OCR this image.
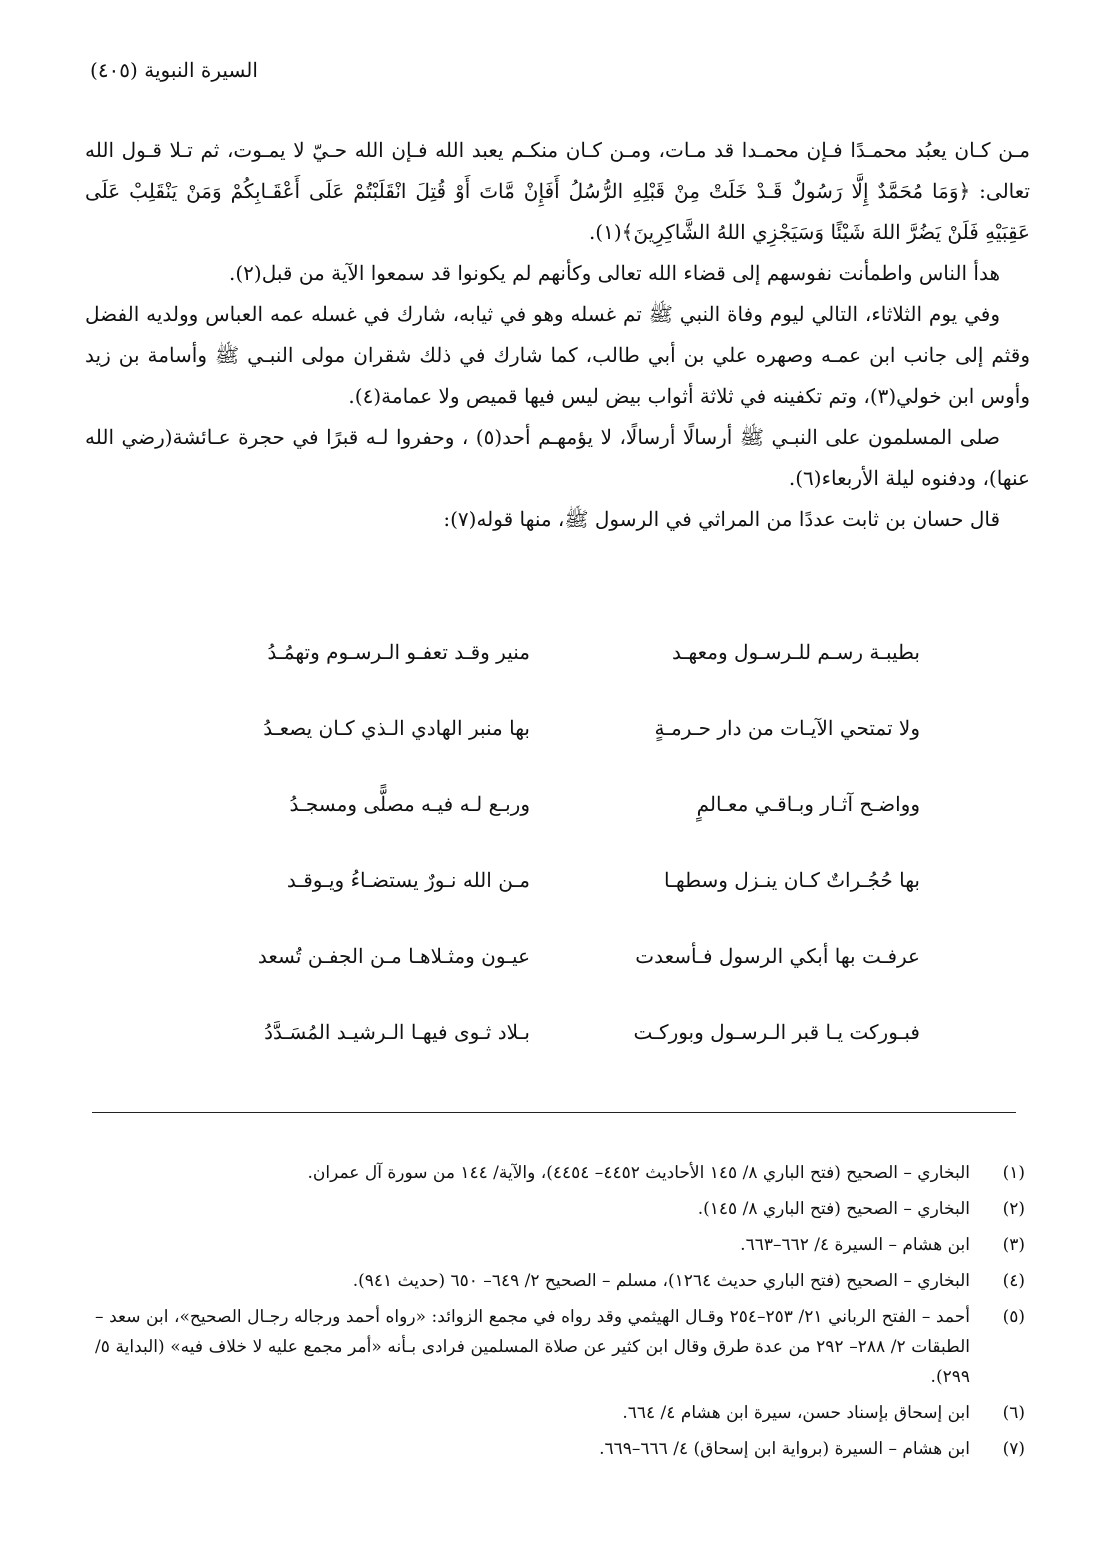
السيرة النبوية (٤٠٥)

مـن كـان يعبُد محمـدًا فـإن محمـدا قد مـات، ومـن كـان منكـم يعبد الله فـإن الله حـيّ لا يمـوت، ثم تـلا قـول الله تعالى: ﴿وَمَا مُحَمَّدٌ إِلَّا رَسُولٌ قَـدْ خَلَتْ مِنْ قَبْلِهِ الرُّسُلُ أَفَإِنْ مَّاتَ أَوْ قُتِلَ انْقَلَبْتُمْ عَلَى أَعْقَـابِكُمْ وَمَنْ يَنْقَلِبْ عَلَى عَقِبَيْهِ فَلَنْ يَضُرَّ اللهَ شَيْئًا وَسَيَجْزِي اللهُ الشَّاكِرِينَ﴾(١).

هدأ الناس واطمأنت نفوسهم إلى قضاء الله تعالى وكأنهم لم يكونوا قد سمعوا الآية من قبل(٢).

وفي يوم الثلاثاء، التالي ليوم وفاة النبي ﷺ تم غسله وهو في ثيابه، شارك في غسله عمه العباس وولديه الفضل وقثم إلى جانب ابن عمـه وصهره علي بن أبي طالب، كما شارك في ذلك شقران مولى النبـي ﷺ وأسامة بن زيد وأوس ابن خولي(٣)، وتم تكفينه في ثلاثة أثواب بيض ليس فيها قميص ولا عمامة(٤).

صلى المسلمون على النبـي ﷺ أرسالًا أرسالًا، لا يؤمهـم أحد(٥) ، وحفروا لـه قبرًا في حجرة عـائشة(رضي الله عنها)، ودفنوه ليلة الأربعاء(٦).

قال حسان بن ثابت عددًا من المراثي في الرسول ﷺ، منها قوله(٧):

بطيبـة رسـم للـرسـول ومعهـد
منير وقـد تعفـو الـرسـوم وتهمُـدُ
ولا تمتحي الآيـات من دار حـرمـةٍ
بها منبر الهادي الـذي كـان يصعـدُ
وواضـح آثـار وبـاقـي معـالمٍ
وربـع لـه فيـه مصلًّى ومسجـدُ
بها حُجُـراتٌ كـان ينـزل وسطهـا
مـن الله نـورٌ يستضـاءُ ويـوقـد
عرفـت بها أبكي الرسول فـأسعدت
عيـون ومثـلاهـا مـن الجفـن تُسعد
فبـوركت يـا قبر الـرسـول وبوركـت
بـلاد ثـوى فيهـا الـرشيـد المُسَـدَّدُ
(١)
البخاري – الصحيح (فتح الباري ٨/ ١٤٥ الأحاديث ٤٤٥٢– ٤٤٥٤)، والآية/ ١٤٤ من سورة آل عمران.
(٢)
البخاري – الصحيح (فتح الباري ٨/ ١٤٥).
(٣)
ابن هشام – السيرة ٤/ ٦٦٢–٦٦٣.
(٤)
البخاري – الصحيح (فتح الباري حديث ١٢٦٤)، مسلم – الصحيح ٢/ ٦٤٩– ٦٥٠ (حديث ٩٤١).
(٥)
أحمد – الفتح الرباني ٢١/ ٢٥٣–٢٥٤ وقـال الهيثمي وقد رواه في مجمع الزوائد: «رواه أحمد ورجاله رجـال الصحيح»، ابن سعد – الطبقات ٢/ ٢٨٨– ٢٩٢ من عدة طرق وقال ابن كثير عن صلاة المسلمين فرادى بـأنه «أمر مجمع عليه لا خلاف فيه» (البداية ٥/ ٢٩٩).
(٦)
ابن إسحاق بإسناد حسن، سيرة ابن هشام ٤/ ٦٦٤.
(٧)
ابن هشام – السيرة (برواية ابن إسحاق) ٤/ ٦٦٦–٦٦٩.
